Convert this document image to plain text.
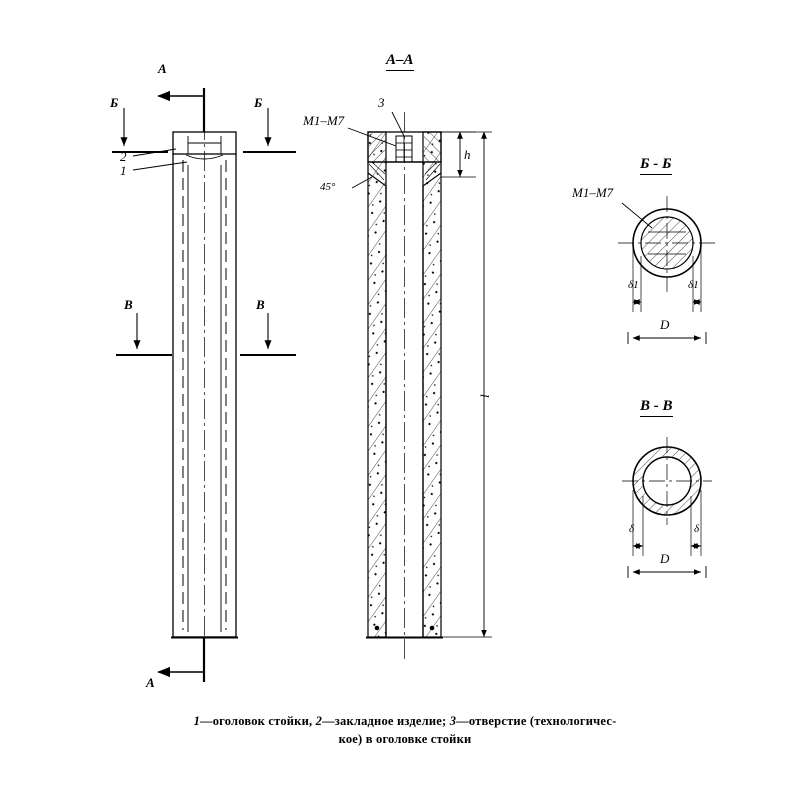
A
Б	Б
В	В
A
2
1
А–А
3
М1–М7
45°
h
l
Б - Б
М1–М7
δ1	δ1
D
В - В
δ	δ
D
1—оголовок стойки, 2—закладное изделие; 3—отверстие (технологичес-
кое) в оголовке стойки
